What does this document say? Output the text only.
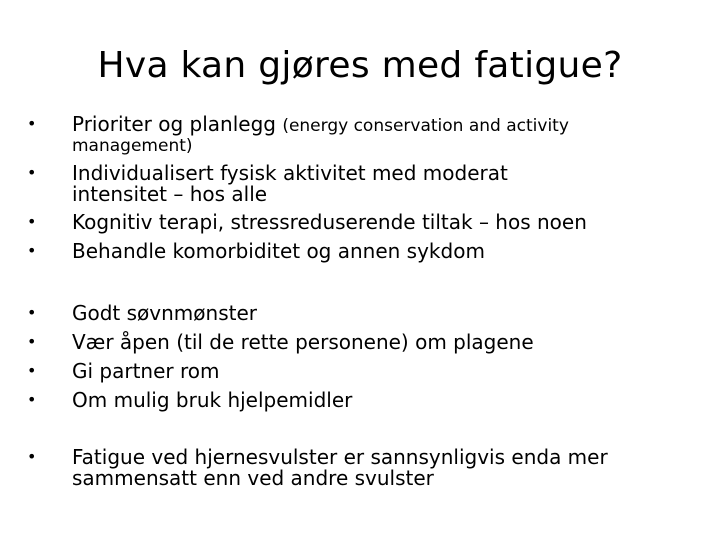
Hva kan gjøres med fatigue?
• Prioriter og planlegg (energy conservation and activity
management)
• Individualisert fysisk aktivitet med moderat
intensitet – hos alle
• Kognitiv terapi, stressreduserende tiltak – hos noen
• Behandle komorbiditet og annen sykdom
• Godt søvnmønster
• Vær åpen (til de rette personene) om plagene
• Gi partner rom
• Om mulig bruk hjelpemidler
• Fatigue ved hjernesvulster er sannsynligvis enda mer
sammensatt enn ved andre svulster
